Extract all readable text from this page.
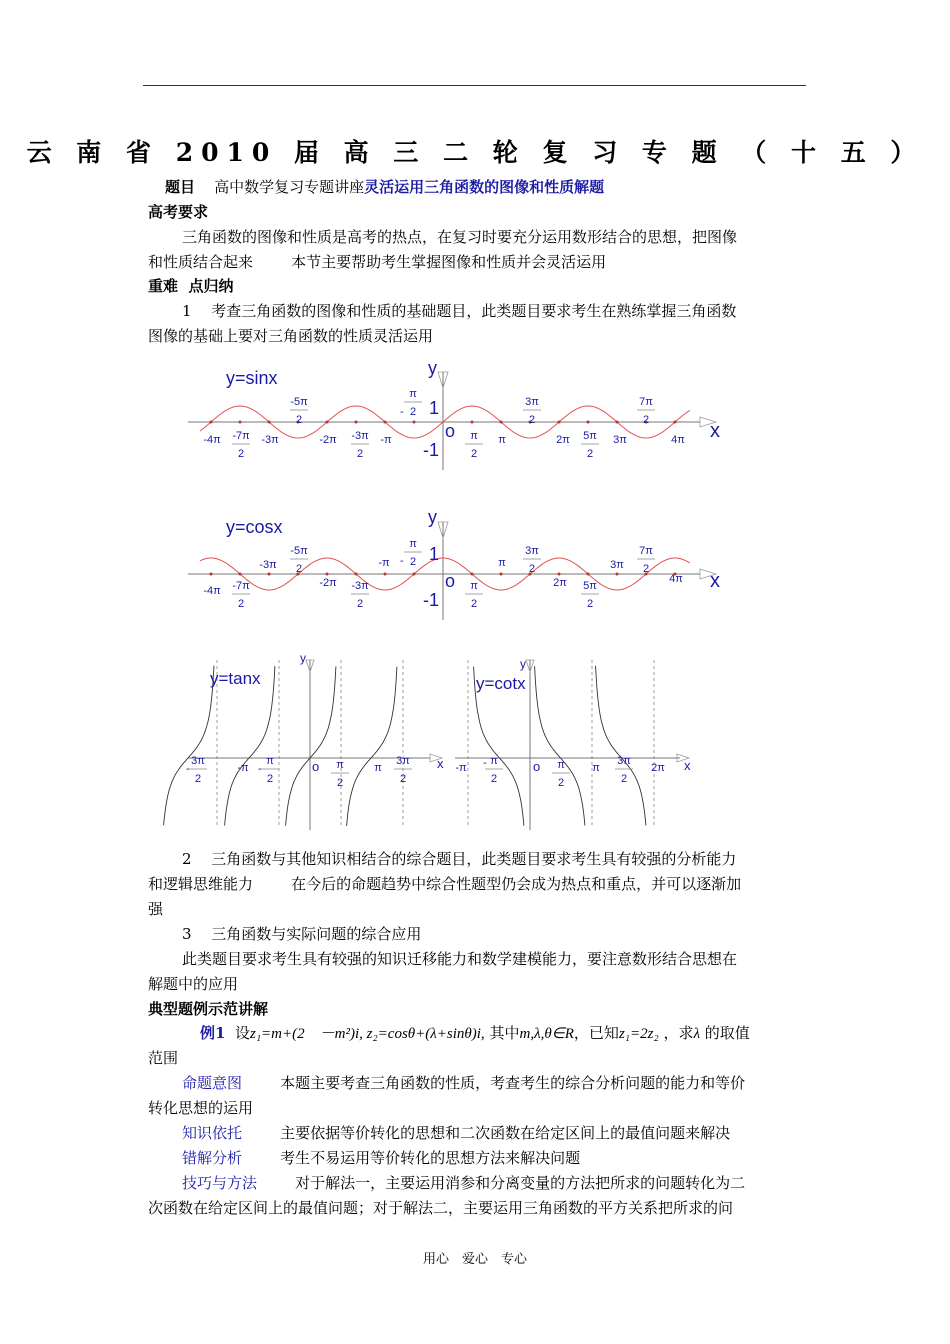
云 南 省 2010 届 高 三 二 轮 复 习 专 题 （ 十 五 ）
题目 高中数学复习专题讲座灵活运用三角函数的图像和性质解题
高考要求
三角函数的图像和性质是高考的热点，在复习时要充分运用数形结合的思想，把图像
和性质结合起来	本节主要帮助考生掌握图像和性质并会灵活运用
重难 点归纳
1　 考查三角函数的图像和性质的基础题目，此类题目要求考生在熟练掌握三角函数
图像的基础上要对三角函数的性质灵活运用
y=sinx	y
x
o
1
-1
-4π -7π
2
-3π
-5π
2
-2π -3π
2
-π
π
2
-
π
2
π
3π
2
2π 5π
2
3π
7π
2
4π
y=cosx	y
x
o
1
-1
-4π -7π
2
-3π
-5π
2
-2π -3π
2
-π
π
2
-
π
2
π
3π
2
2π 5π
2
3π
7π
2
4π
y=tanx
y
x
o
3π
2
-	-π
π
2
-	π
2
π
3π
2
y=cotx
y
x
o
-π
π
2
-	π
2
π
3π
2
2π
2　 三角函数与其他知识相结合的综合题目，此类题目要求考生具有较强的分析能力
和逻辑思维能力	在今后的命题趋势中综合性题型仍会成为热点和重点，并可以逐渐加
强
3　 三角函数与实际问题的综合应用
此类题目要求考生具有较强的知识迁移能力和数学建模能力，要注意数形结合思想在
解题中的应用
典型题例示范讲解
例1 设z₁=m+(2　－m²)i, z₂=cosθ+(λ+sinθ)i, 其中m,λ,θ∈R，已知z₁=2z₂ ，求λ 的取值
范围
命题意图	本题主要考查三角函数的性质，考查考生的综合分析问题的能力和等价
转化思想的运用
知识依托	主要依据等价转化的思想和二次函数在给定区间上的最值问题来解决
错解分析	考生不易运用等价转化的思想方法来解决问题
技巧与方法	对于解法一，主要运用消参和分离变量的方法把所求的问题转化为二
次函数在给定区间上的最值问题；对于解法二，主要运用三角函数的平方关系把所求的问
用心　爱心　专心
